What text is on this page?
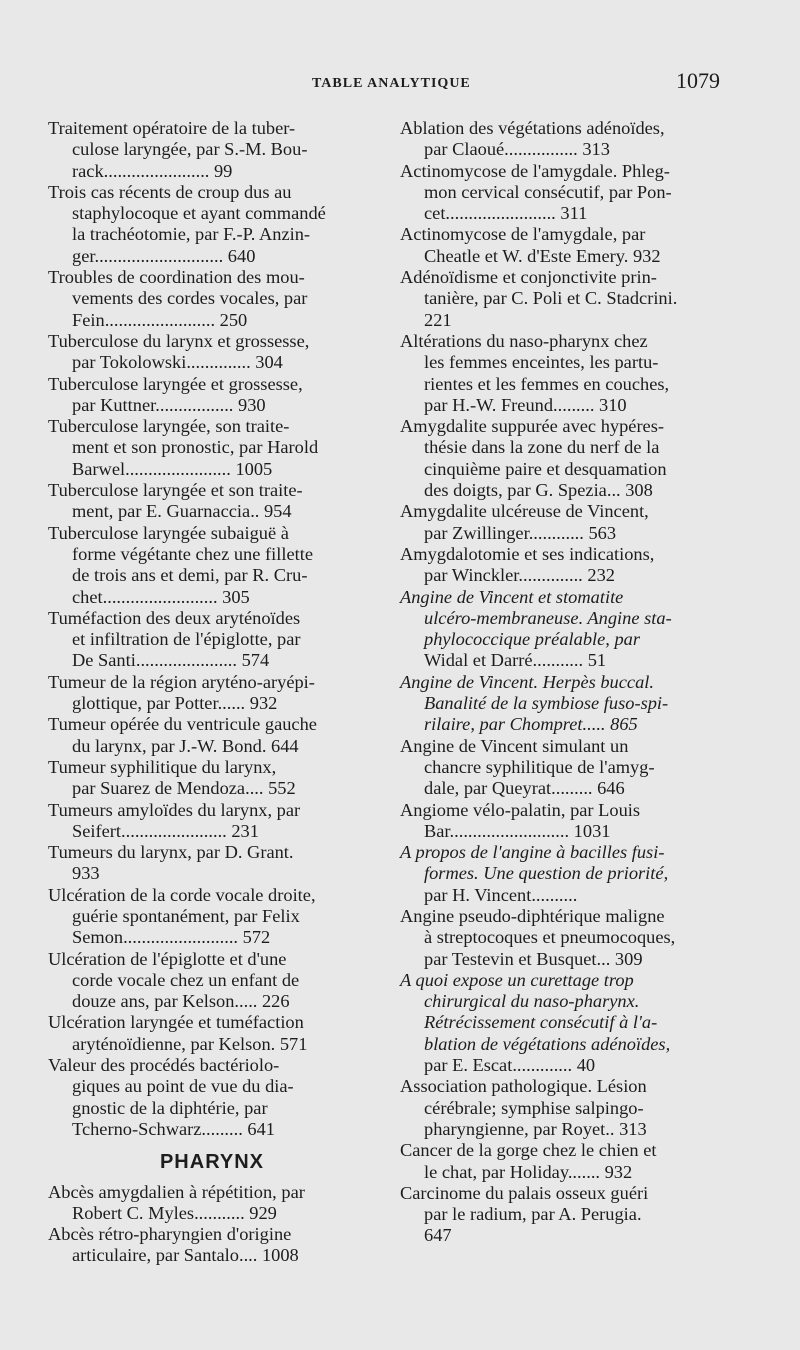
TABLE ANALYTIQUE	1079
Traitement opératoire de la tuber-
culose laryngée, par S.-M. Bou-
rack....................... 99
Trois cas récents de croup dus au
staphylocoque et ayant commandé
la trachéotomie, par F.-P. Anzin-
ger............................ 640
Troubles de coordination des mou-
vements des cordes vocales, par
Fein........................ 250
Tuberculose du larynx et grossesse,
par Tokolowski.............. 304
Tuberculose laryngée et grossesse,
par Kuttner................. 930
Tuberculose laryngée, son traite-
ment et son pronostic, par Harold
Barwel....................... 1005
Tuberculose laryngée et son traite-
ment, par E. Guarnaccia.. 954
Tuberculose laryngée subaiguë à
forme végétante chez une fillette
de trois ans et demi, par R. Cru-
chet......................... 305
Tuméfaction des deux aryténoïdes
et infiltration de l'épiglotte, par
De Santi...................... 574
Tumeur de la région aryténo-aryépi-
glottique, par Potter...... 932
Tumeur opérée du ventricule gauche
du larynx, par J.-W. Bond. 644
Tumeur syphilitique du larynx,
par Suarez de Mendoza.... 552
Tumeurs amyloïdes du larynx, par
Seifert....................... 231
Tumeurs du larynx, par D. Grant.
933
Ulcération de la corde vocale droite,
guérie spontanément, par Felix
Semon......................... 572
Ulcération de l'épiglotte et d'une
corde vocale chez un enfant de
douze ans, par Kelson..... 226
Ulcération laryngée et tuméfaction
aryténoïdienne, par Kelson. 571
Valeur des procédés bactériolo-
giques au point de vue du dia-
gnostic de la diphtérie, par
Tcherno-Schwarz......... 641
PHARYNX
Abcès amygdalien à répétition, par
Robert C. Myles........... 929
Abcès rétro-pharyngien d'origine
articulaire, par Santalo.... 1008
Ablation des végétations adénoïdes,
par Claoué................ 313
Actinomycose de l'amygdale. Phleg-
mon cervical consécutif, par Pon-
cet........................ 311
Actinomycose de l'amygdale, par
Cheatle et W. d'Este Emery. 932
Adénoïdisme et conjonctivite prin-
tanière, par C. Poli et C. Stadcrini.
221
Altérations du naso-pharynx chez
les femmes enceintes, les partu-
rientes et les femmes en couches,
par H.-W. Freund......... 310
Amygdalite suppurée avec hypéres-
thésie dans la zone du nerf de la
cinquième paire et desquamation
des doigts, par G. Spezia... 308
Amygdalite ulcéreuse de Vincent,
par Zwillinger............ 563
Amygdalotomie et ses indications,
par Winckler.............. 232
Angine de Vincent et stomatite
ulcéro-membraneuse. Angine sta-
phylococcique préalable, par
Widal et Darré........... 51
Angine de Vincent. Herpès buccal.
Banalité de la symbiose fuso-spi-
rilaire, par Chompret..... 865
Angine de Vincent simulant un
chancre syphilitique de l'amyg-
dale, par Queyrat......... 646
Angiome vélo-palatin, par Louis
Bar.......................... 1031
A propos de l'angine à bacilles fusi-
formes. Une question de priorité,
par H. Vincent..........
Angine pseudo-diphtérique maligne
à streptocoques et pneumocoques,
par Testevin et Busquet... 309
A quoi expose un curettage trop
chirurgical du naso-pharynx.
Rétrécissement consécutif à l'a-
blation de végétations adénoïdes,
par E. Escat............. 40
Association pathologique. Lésion
cérébrale; symphise salpingo-
pharyngienne, par Royet.. 313
Cancer de la gorge chez le chien et
le chat, par Holiday....... 932
Carcinome du palais osseux guéri
par le radium, par A. Perugia.
647
